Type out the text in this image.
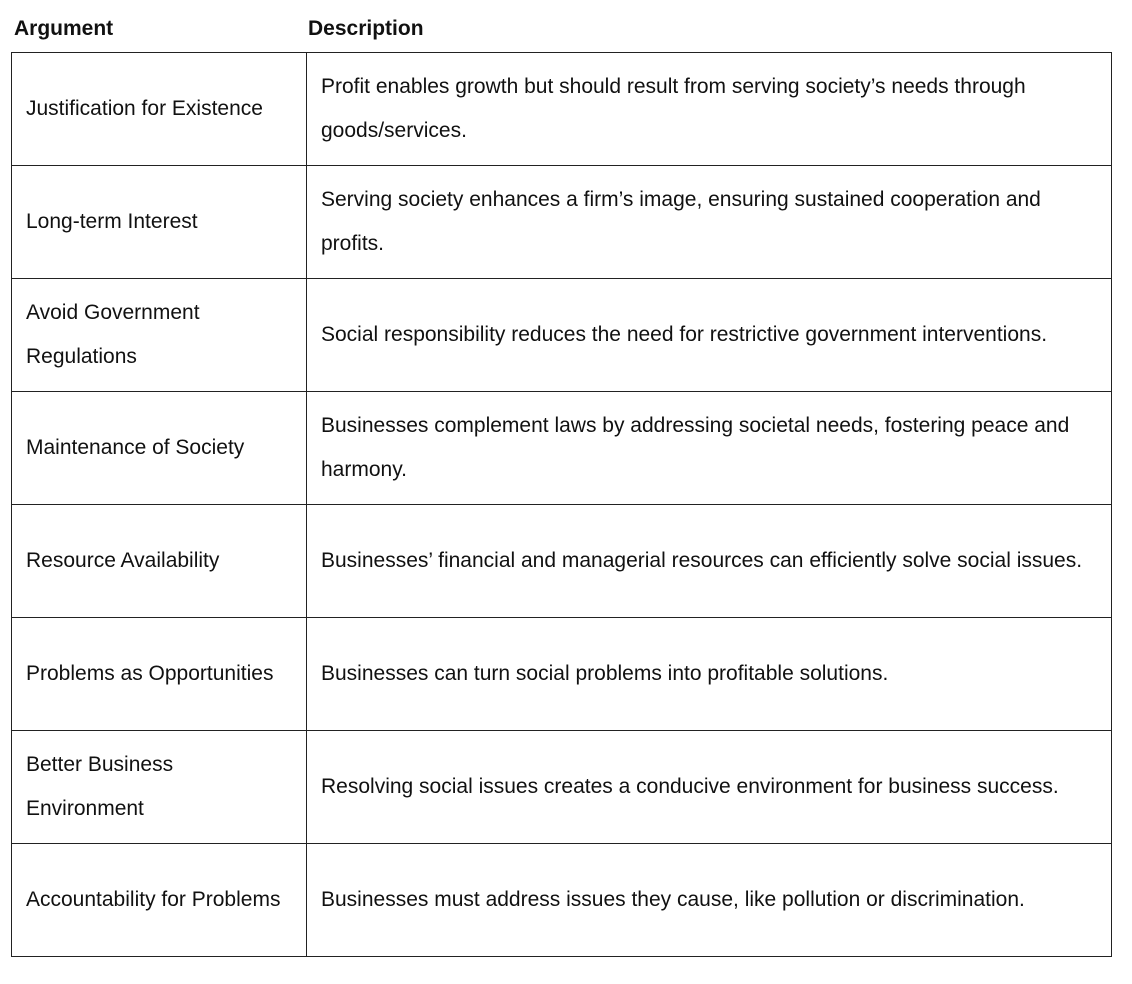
Argument	Description
Justification for Existence	Profit enables growth but should result from serving society’s needs through goods/services.
Long-term Interest	Serving society enhances a firm’s image, ensuring sustained cooperation and profits.
Avoid Government Regulations	Social responsibility reduces the need for restrictive government interventions.
Maintenance of Society	Businesses complement laws by addressing societal needs, fostering peace and harmony.
Resource Availability	Businesses’ financial and managerial resources can efficiently solve social issues.
Problems as Opportunities	Businesses can turn social problems into profitable solutions.
Better Business Environment	Resolving social issues creates a conducive environment for business success.
Accountability for Problems	Businesses must address issues they cause, like pollution or discrimination.
